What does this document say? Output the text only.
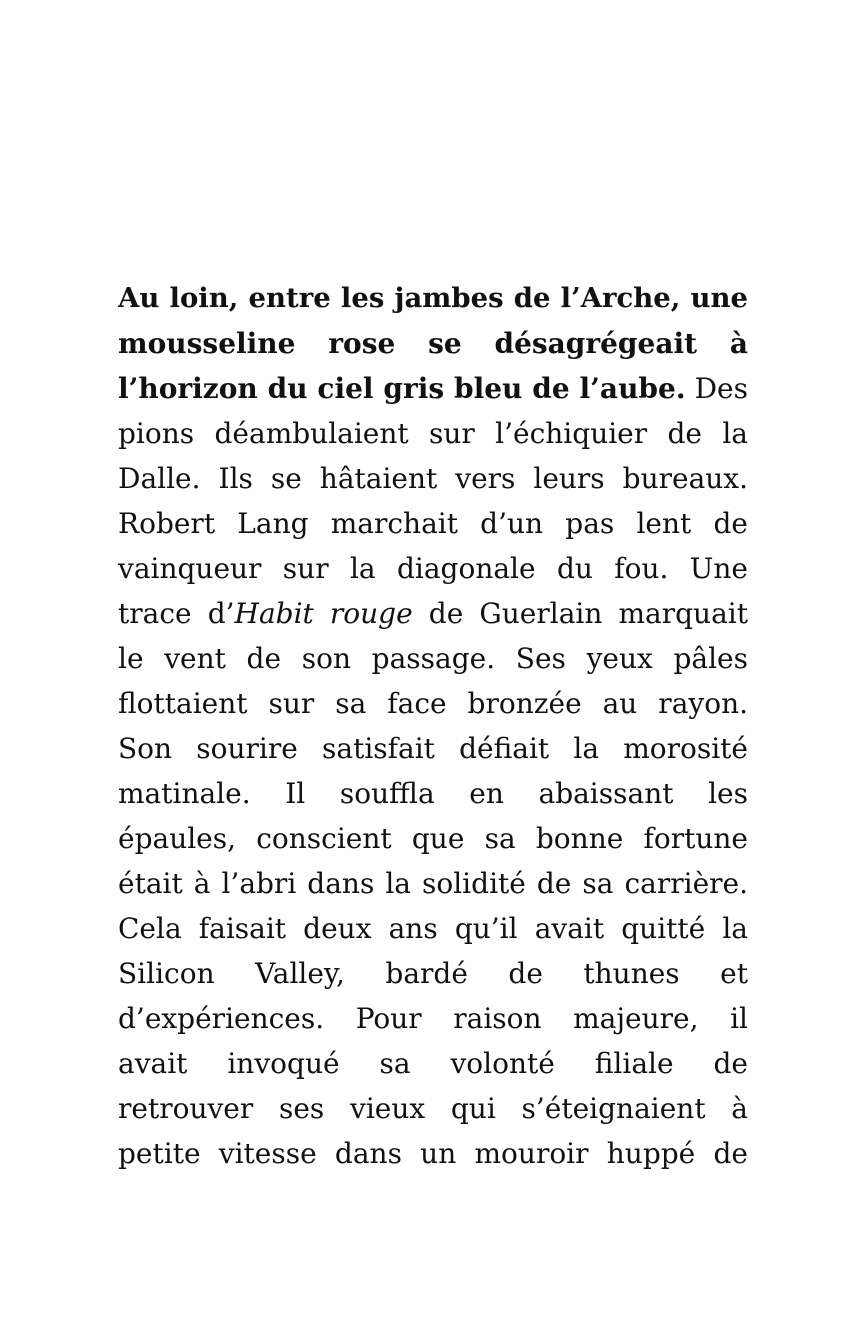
Au loin, entre les jambes de l’Arche, une
mousseline rose se désagrégeait à
l’horizon du ciel gris bleu de l’aube. Des
pions déambulaient sur l’échiquier de la
Dalle. Ils se hâtaient vers leurs bureaux.
Robert Lang marchait d’un pas lent de
vainqueur sur la diagonale du fou. Une
trace d’Habit rouge de Guerlain marquait
le vent de son passage. Ses yeux pâles
flottaient sur sa face bronzée au rayon.
Son sourire satisfait défiait la morosité
matinale. Il souffla en abaissant les
épaules, conscient que sa bonne fortune
était à l’abri dans la solidité de sa carrière.
Cela faisait deux ans qu’il avait quitté la
Silicon Valley, bardé de thunes et
d’expériences. Pour raison majeure, il
avait invoqué sa volonté filiale de
retrouver ses vieux qui s’éteignaient à
petite vitesse dans un mouroir huppé de
